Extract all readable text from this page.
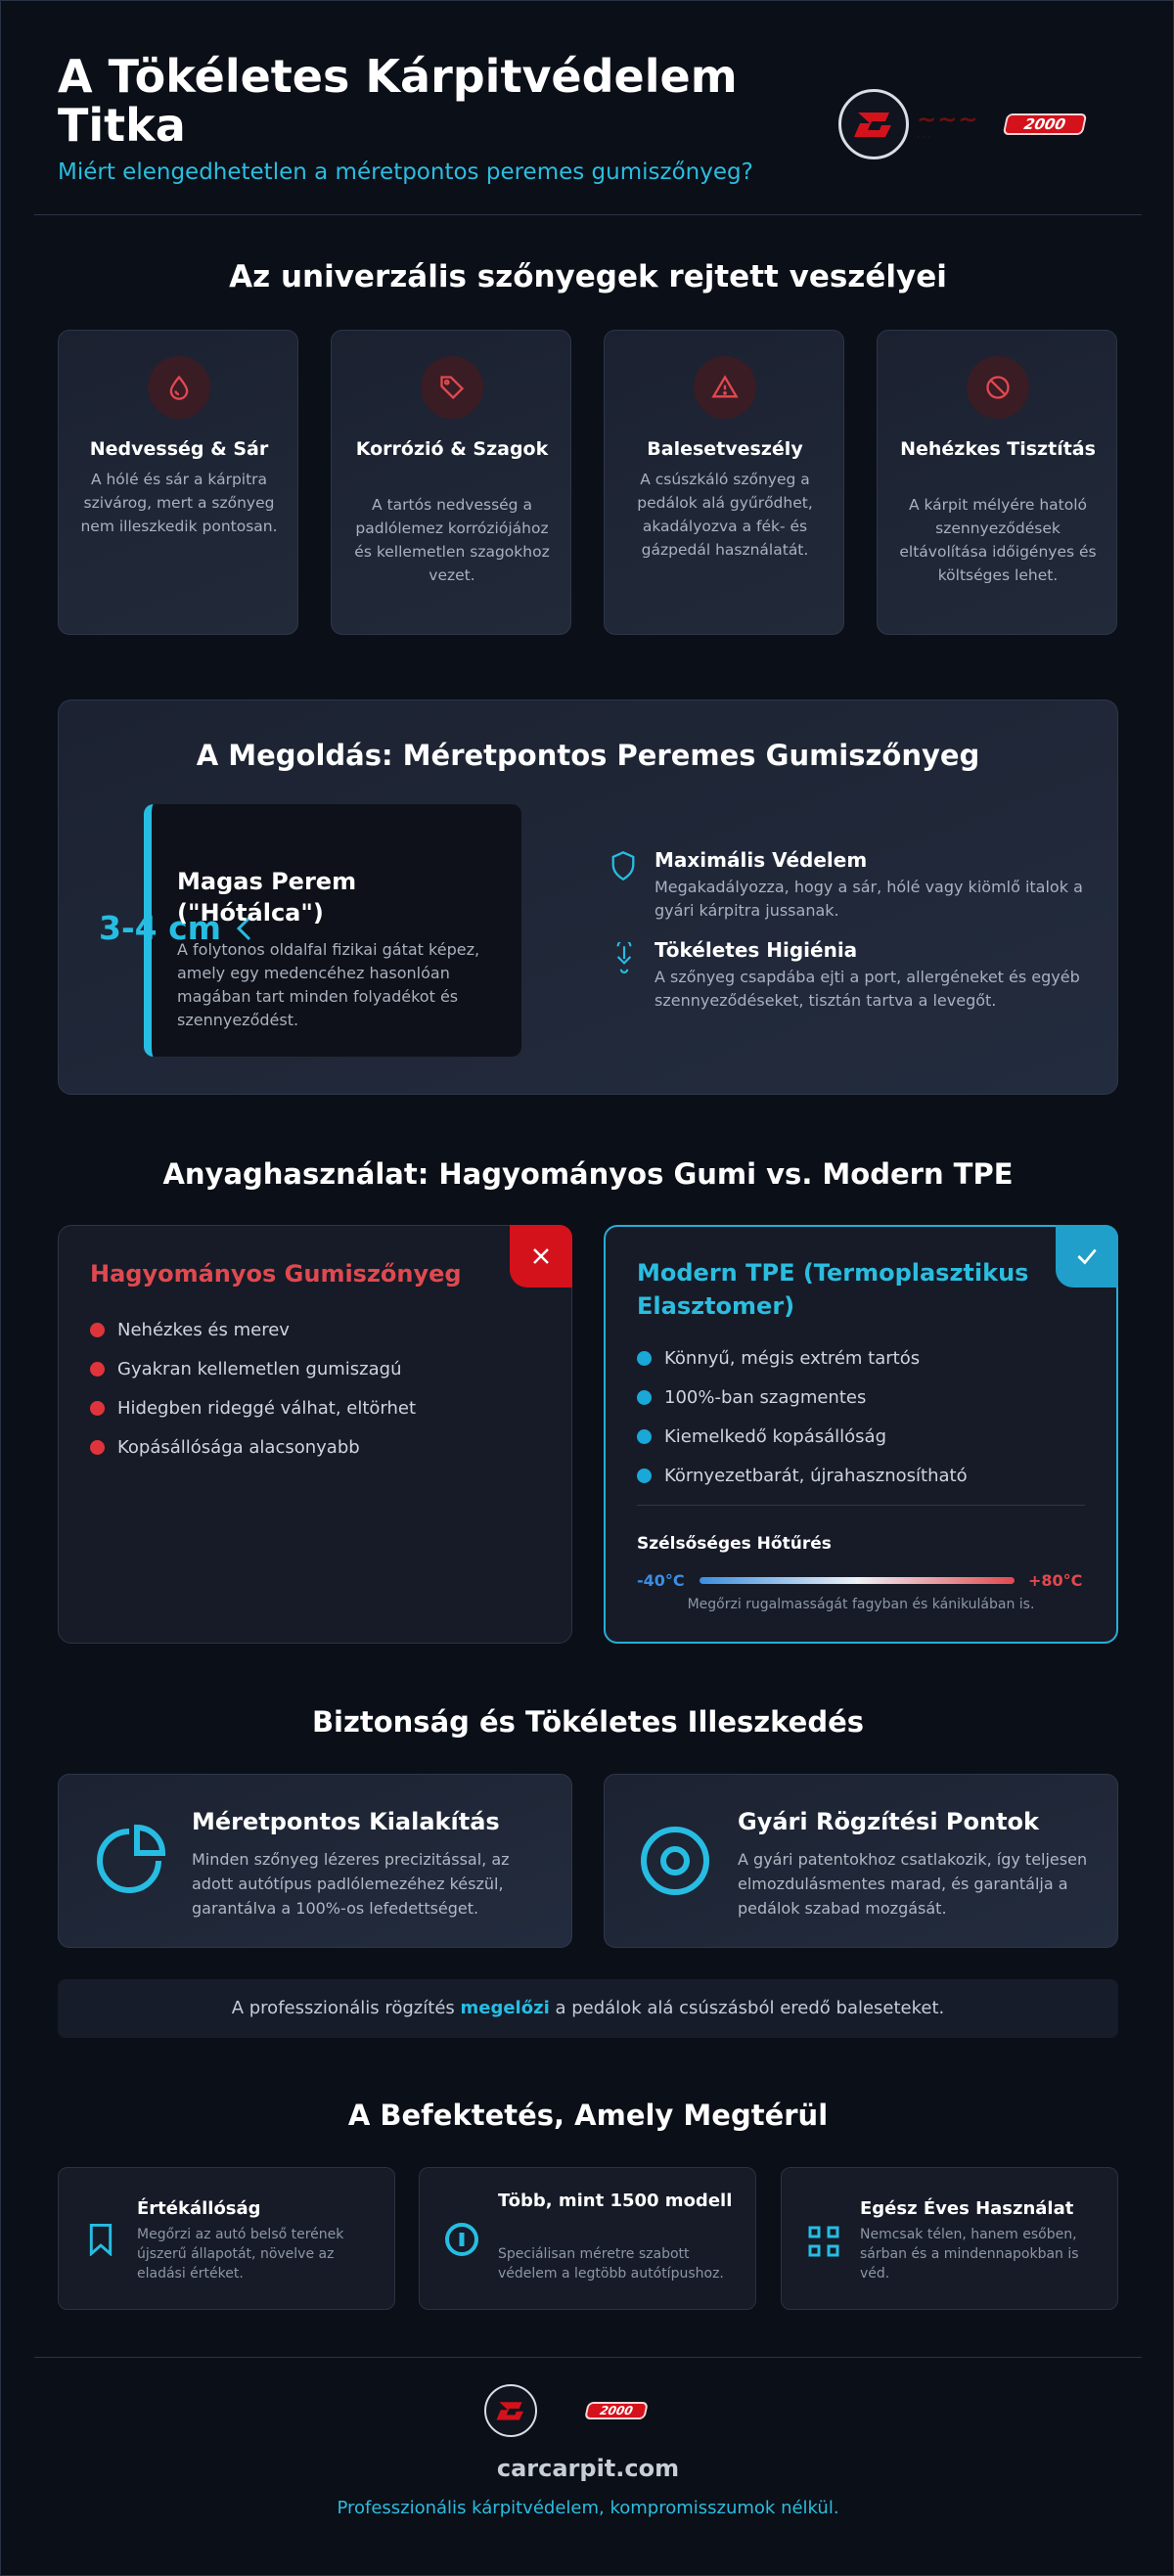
A Tökéletes Kárpitvédelem Titka
Miért elengedhetetlen a méretpontos peremes gumiszőnyeg?
~~~
· · ·
2000
Az univerzális szőnyegek rejtett veszélyei
Nedvesség & Sár
A hólé és sár a kárpitra szivárog, mert a szőnyeg nem illeszkedik pontosan.
Korrózió & Szagok
A tartós nedvesség a padlólemez korróziójához és kellemetlen szagokhoz vezet.
Balesetveszély
A csúszkáló szőnyeg a pedálok alá gyűrődhet, akadályozva a fék- és gázpedál használatát.
Nehézkes Tisztítás
A kárpit mélyére hatoló szennyeződések eltávolítása időigényes és költséges lehet.
A Megoldás: Méretpontos Peremes Gumiszőnyeg
3-4 cm
Magas Perem ("Hótálca")
A folytonos oldalfal fizikai gátat képez, amely egy medencéhez hasonlóan magában tart minden folyadékot és szennyeződést.
Maximális Védelem
Megakadályozza, hogy a sár, hólé vagy kiömlő italok a gyári kárpitra jussanak.
Tökéletes Higiénia
A szőnyeg csapdába ejti a port, allergéneket és egyéb szennyeződéseket, tisztán tartva a levegőt.
Anyaghasználat: Hagyományos Gumi vs. Modern TPE
Hagyományos Gumiszőnyeg
Nehézkes és merev
Gyakran kellemetlen gumiszagú
Hidegben rideggé válhat, eltörhet
Kopásállósága alacsonyabb
Modern TPE (Termoplasztikus Elasztomer)
Könnyű, mégis extrém tartós
100%-ban szagmentes
Kiemelkedő kopásállóság
Környezetbarát, újrahasznosítható
Szélsőséges Hőtűrés
-40°C	+80°C
Megőrzi rugalmasságát fagyban és kánikulában is.
Biztonság és Tökéletes Illeszkedés
Méretpontos Kialakítás
Minden szőnyeg lézeres precizitással, az adott autótípus padlólemezéhez készül, garantálva a 100%-os lefedettséget.
Gyári Rögzítési Pontok
A gyári patentokhoz csatlakozik, így teljesen elmozdulásmentes marad, és garantálja a pedálok szabad mozgását.
A professzionális rögzítés megelőzi a pedálok alá csúszásból eredő baleseteket.
A Befektetés, Amely Megtérül
Értékállóság
Megőrzi az autó belső terének újszerű állapotát, növelve az eladási értéket.
Több, mint 1500 modell
Speciálisan méretre szabott védelem a legtöbb autótípushoz.
Egész Éves Használat
Nemcsak télen, hanem esőben, sárban és a mindennapokban is véd.
2000
carcarpit.com
Professzionális kárpitvédelem, kompromisszumok nélkül.
